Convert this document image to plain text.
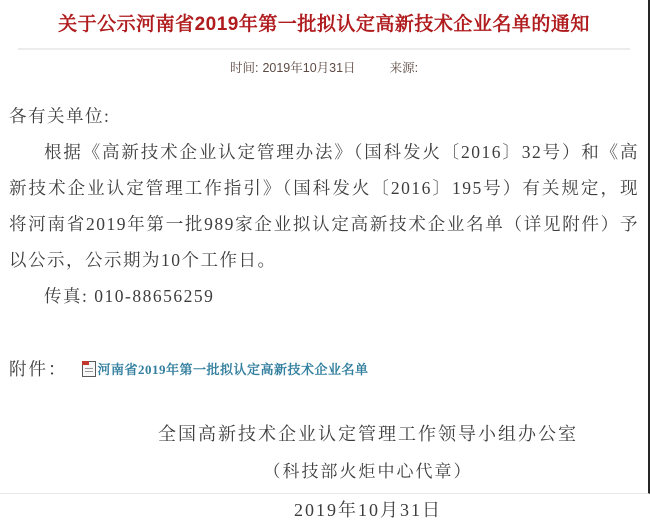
关于公示河南省2019年第一批拟认定高新技术企业名单的通知
时间: 2019年10月31日	来源:
各有关单位:

根据《高新技术企业认定管理办法》（国科发火〔2016〕32号）和《高新技术企业认定管理工作指引》（国科发火〔2016〕195号）有关规定，现将河南省2019年第一批989家企业拟认定高新技术企业名单（详见附件）予以公示，公示期为10个工作日。

传真: 010-88656259
附件： 河南省2019年第一批拟认定高新技术企业名单
全国高新技术企业认定管理工作领导小组办公室
（科技部火炬中心代章）
2019年10月31日
